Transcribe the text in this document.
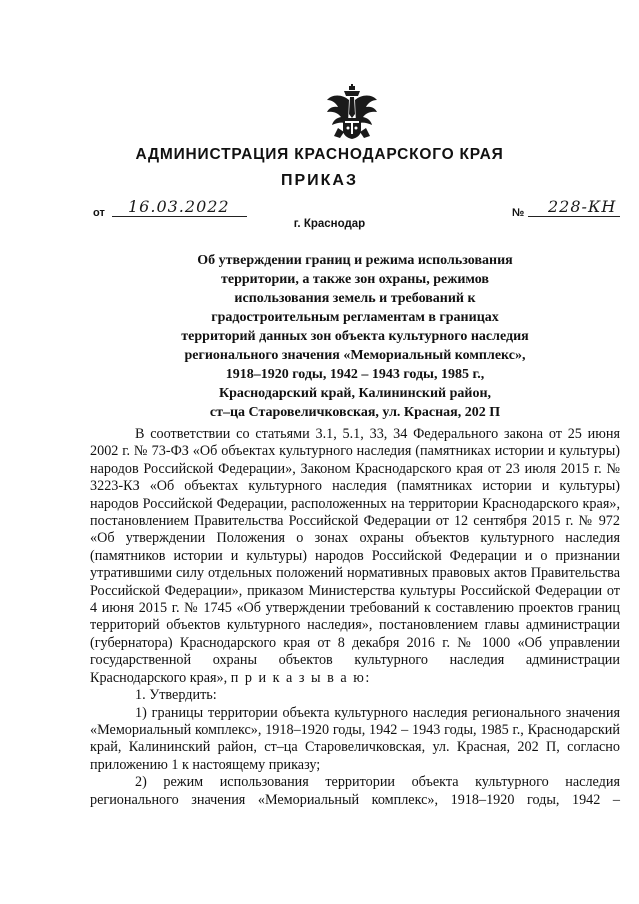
АДМИНИСТРАЦИЯ КРАСНОДАРСКОГО КРАЯ
ПРИКАЗ
от 16.03.2022	№ 228-КН
г. Краснодар
Об утверждении границ и режима использования
территории, а также зон охраны, режимов
использования земель и требований к
градостроительным регламентам в границах
территорий данных зон объекта культурного наследия
регионального значения «Мемориальный комплекс»,
1918–1920 годы, 1942 – 1943 годы, 1985 г.,
Краснодарский край, Калининский район,
ст–ца Старовеличковская, ул. Красная, 202 П

В соответствии со статьями 3.1, 5.1, 33, 34 Федерального закона от 25 июня 2002 г. № 73-ФЗ «Об объектах культурного наследия (памятниках истории и культуры) народов Российской Федерации», Законом Краснодарского края от 23 июля 2015 г. № 3223-КЗ «Об объектах культурного наследия (памятниках истории и культуры) народов Российской Федерации, расположенных на территории Краснодарского края», постановлением Правительства Российской Федерации от 12 сентября 2015 г. № 972 «Об утверждении Положения о зонах охраны объектов культурного наследия (памятников истории и культуры) народов Российской Федерации и о признании утратившими силу отдельных положений нормативных правовых актов Правительства Российской Федерации», приказом Министерства культуры Российской Федерации от 4 июня 2015 г. № 1745 «Об утверждении требований к составлению проектов границ территорий объектов культурного наследия», постановлением главы администрации (губернатора) Краснодарского края от 8 декабря 2016 г. № 1000 «Об управлении государственной охраны объектов культурного наследия администрации Краснодарского края», п р и к а з ы в а ю:

1. Утвердить:

1) границы территории объекта культурного наследия регионального значения «Мемориальный комплекс», 1918–1920 годы, 1942 – 1943 годы, 1985 г., Краснодарский край, Калининский район, ст–ца Старовеличковская, ул. Красная, 202 П, согласно приложению 1 к настоящему приказу;

2) режим использования территории объекта культурного наследия регионального значения «Мемориальный комплекс», 1918–1920 годы, 1942 –
